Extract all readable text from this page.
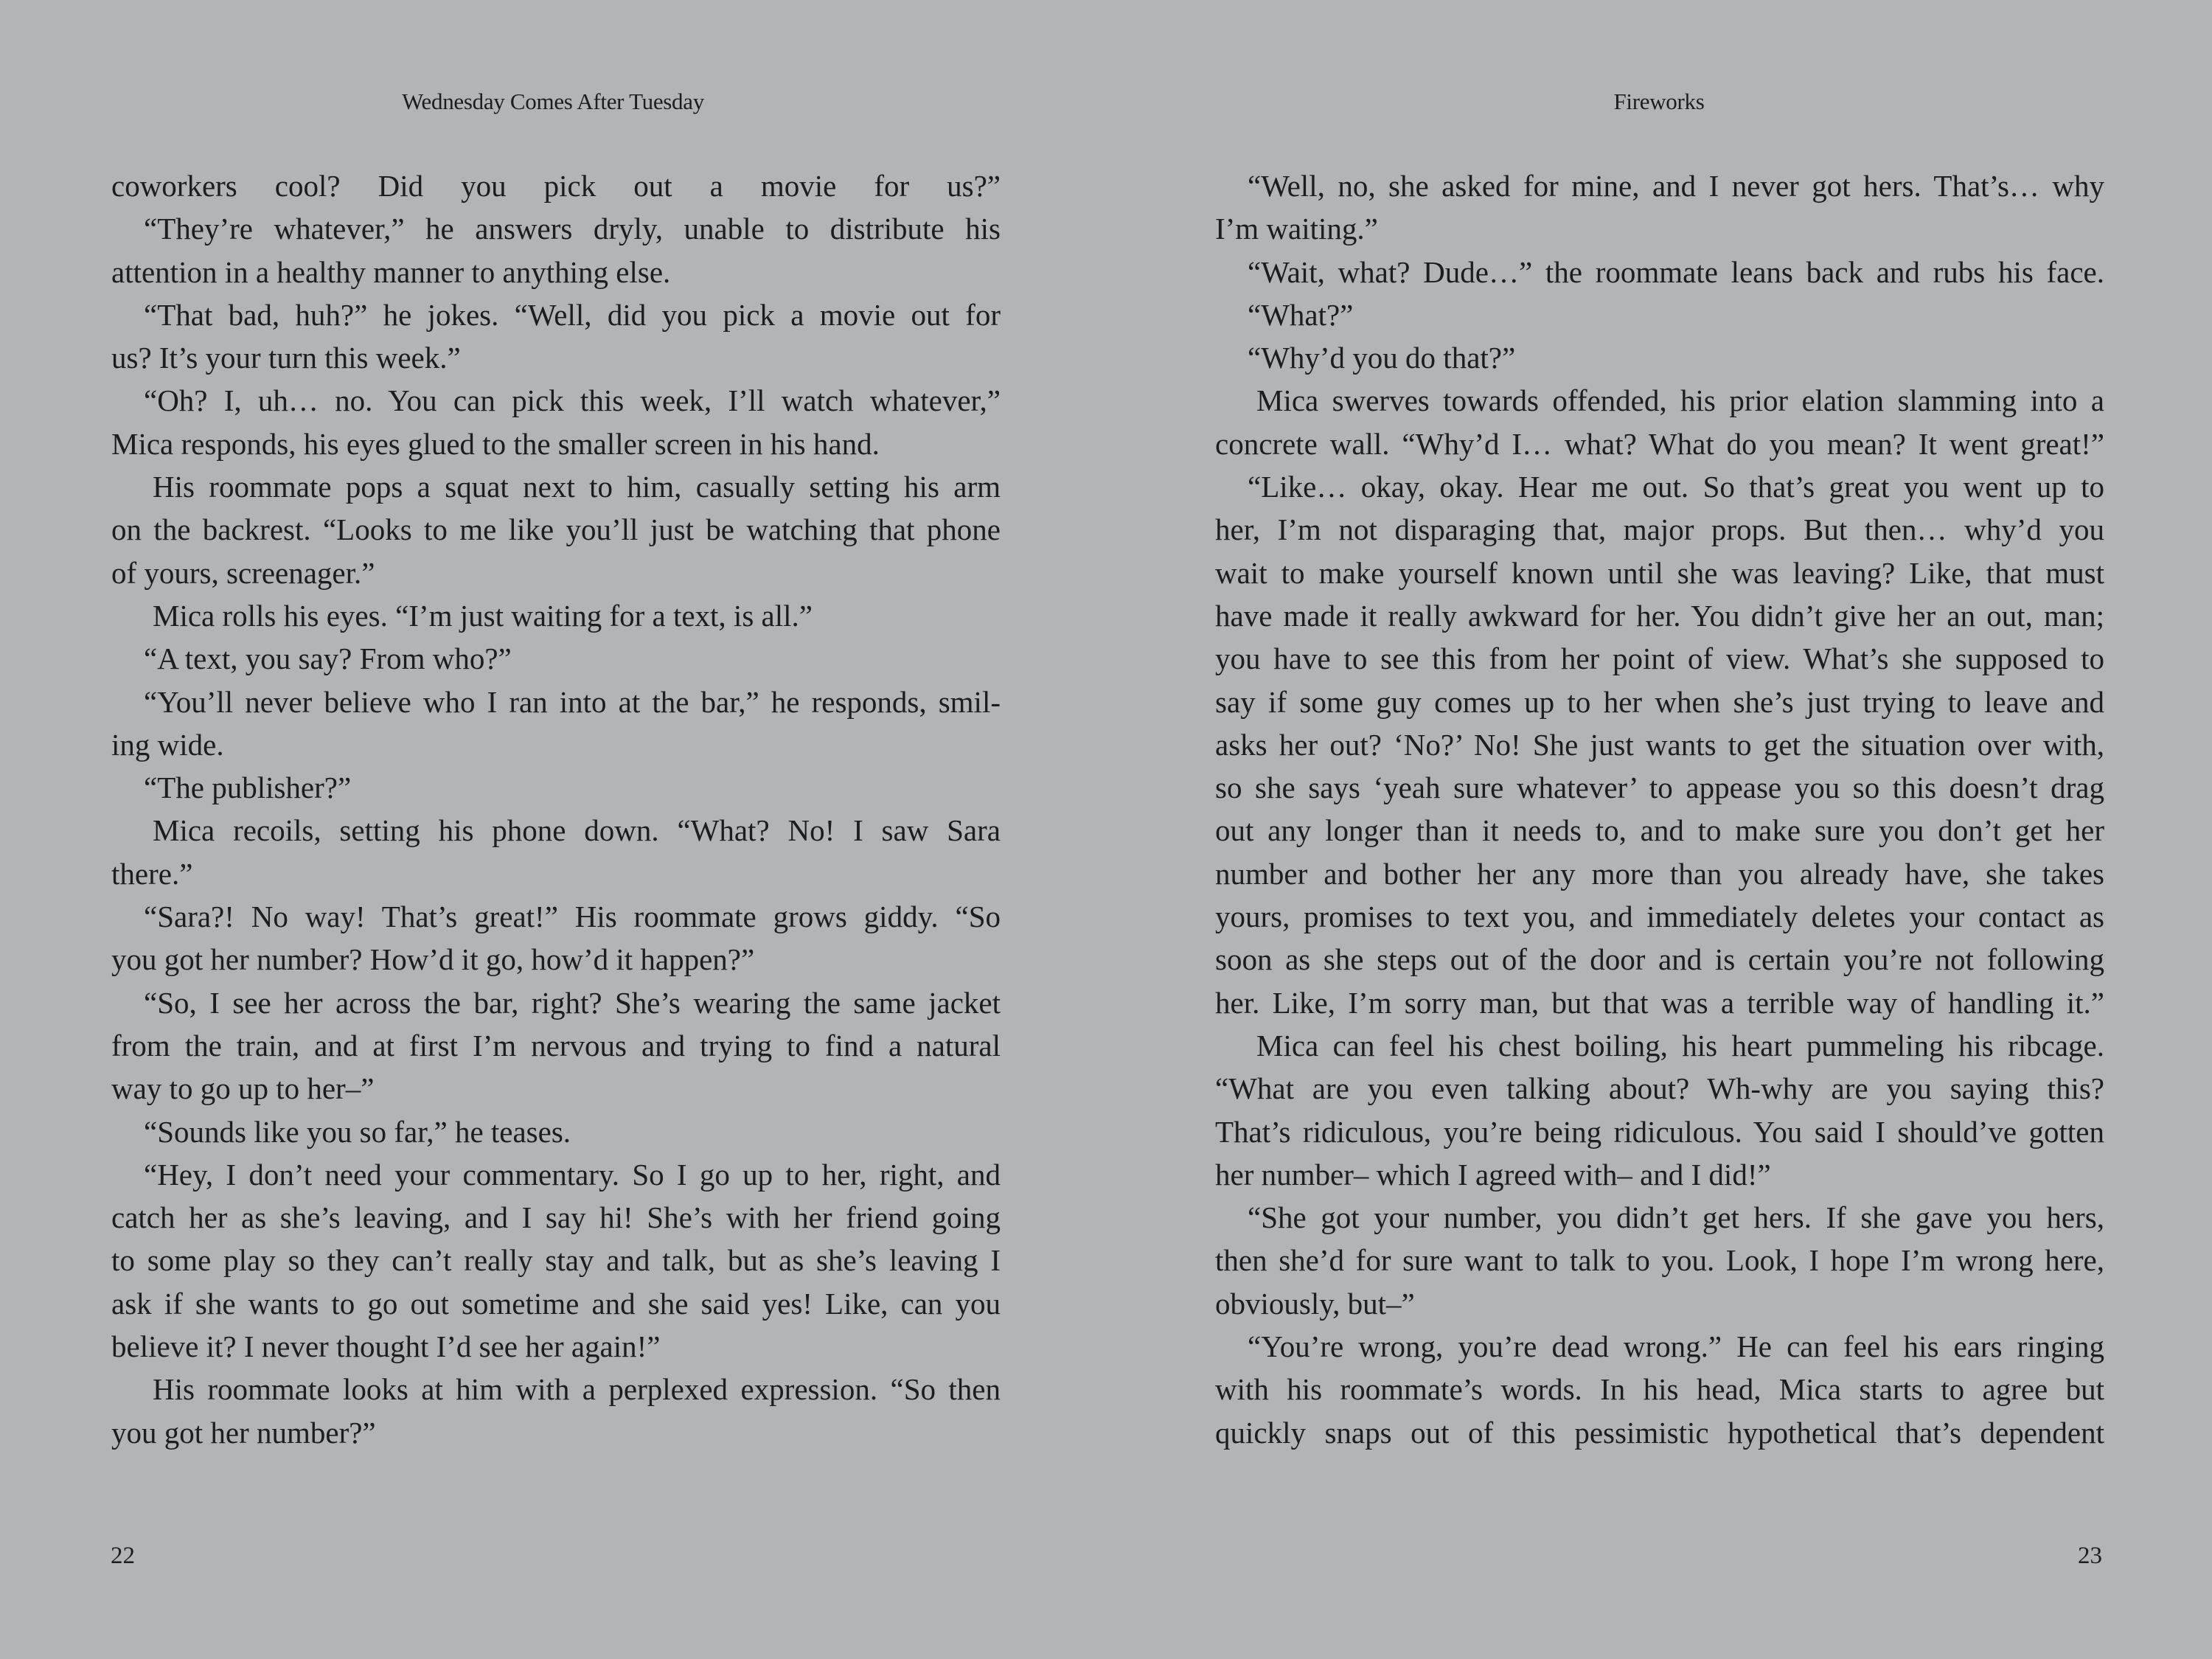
Wednesday Comes After Tuesday
coworkers cool? Did you pick out a movie for us?”
“They’re whatever,” he answers dryly, unable to distribute his
attention in a healthy manner to anything else.
“That bad, huh?” he jokes. “Well, did you pick a movie out for
us? It’s your turn this week.”
“Oh? I, uh… no. You can pick this week, I’ll watch whatever,”
Mica responds, his eyes glued to the smaller screen in his hand.
His roommate pops a squat next to him, casually setting his arm
on the backrest. “Looks to me like you’ll just be watching that phone
of yours, screenager.”
Mica rolls his eyes. “I’m just waiting for a text, is all.”
“A text, you say? From who?”
“You’ll never believe who I ran into at the bar,” he responds, smil-
ing wide.
“The publisher?”
Mica recoils, setting his phone down. “What? No! I saw Sara
there.”
“Sara?! No way! That’s great!” His roommate grows giddy. “So
you got her number? How’d it go, how’d it happen?”
“So, I see her across the bar, right? She’s wearing the same jacket
from the train, and at first I’m nervous and trying to find a natural
way to go up to her–”
“Sounds like you so far,” he teases.
“Hey, I don’t need your commentary. So I go up to her, right, and
catch her as she’s leaving, and I say hi! She’s with her friend going
to some play so they can’t really stay and talk, but as she’s leaving I
ask if she wants to go out sometime and she said yes! Like, can you
believe it? I never thought I’d see her again!”
His roommate looks at him with a perplexed expression. “So then
you got her number?”
22
Fireworks
“Well, no, she asked for mine, and I never got hers. That’s… why
I’m waiting.”
“Wait, what? Dude…” the roommate leans back and rubs his face.
“What?”
“Why’d you do that?”
Mica swerves towards offended, his prior elation slamming into a
concrete wall. “Why’d I… what? What do you mean? It went great!”
“Like… okay, okay. Hear me out. So that’s great you went up to
her, I’m not disparaging that, major props. But then… why’d you
wait to make yourself known until she was leaving? Like, that must
have made it really awkward for her. You didn’t give her an out, man;
you have to see this from her point of view. What’s she supposed to
say if some guy comes up to her when she’s just trying to leave and
asks her out? ‘No?’ No! She just wants to get the situation over with,
so she says ‘yeah sure whatever’ to appease you so this doesn’t drag
out any longer than it needs to, and to make sure you don’t get her
number and bother her any more than you already have, she takes
yours, promises to text you, and immediately deletes your contact as
soon as she steps out of the door and is certain you’re not following
her. Like, I’m sorry man, but that was a terrible way of handling it.”
Mica can feel his chest boiling, his heart pummeling his ribcage.
“What are you even talking about? Wh-why are you saying this?
That’s ridiculous, you’re being ridiculous. You said I should’ve gotten
her number– which I agreed with– and I did!”
“She got your number, you didn’t get hers. If she gave you hers,
then she’d for sure want to talk to you. Look, I hope I’m wrong here,
obviously, but–”
“You’re wrong, you’re dead wrong.” He can feel his ears ringing
with his roommate’s words. In his head, Mica starts to agree but
quickly snaps out of this pessimistic hypothetical that’s dependent
23
